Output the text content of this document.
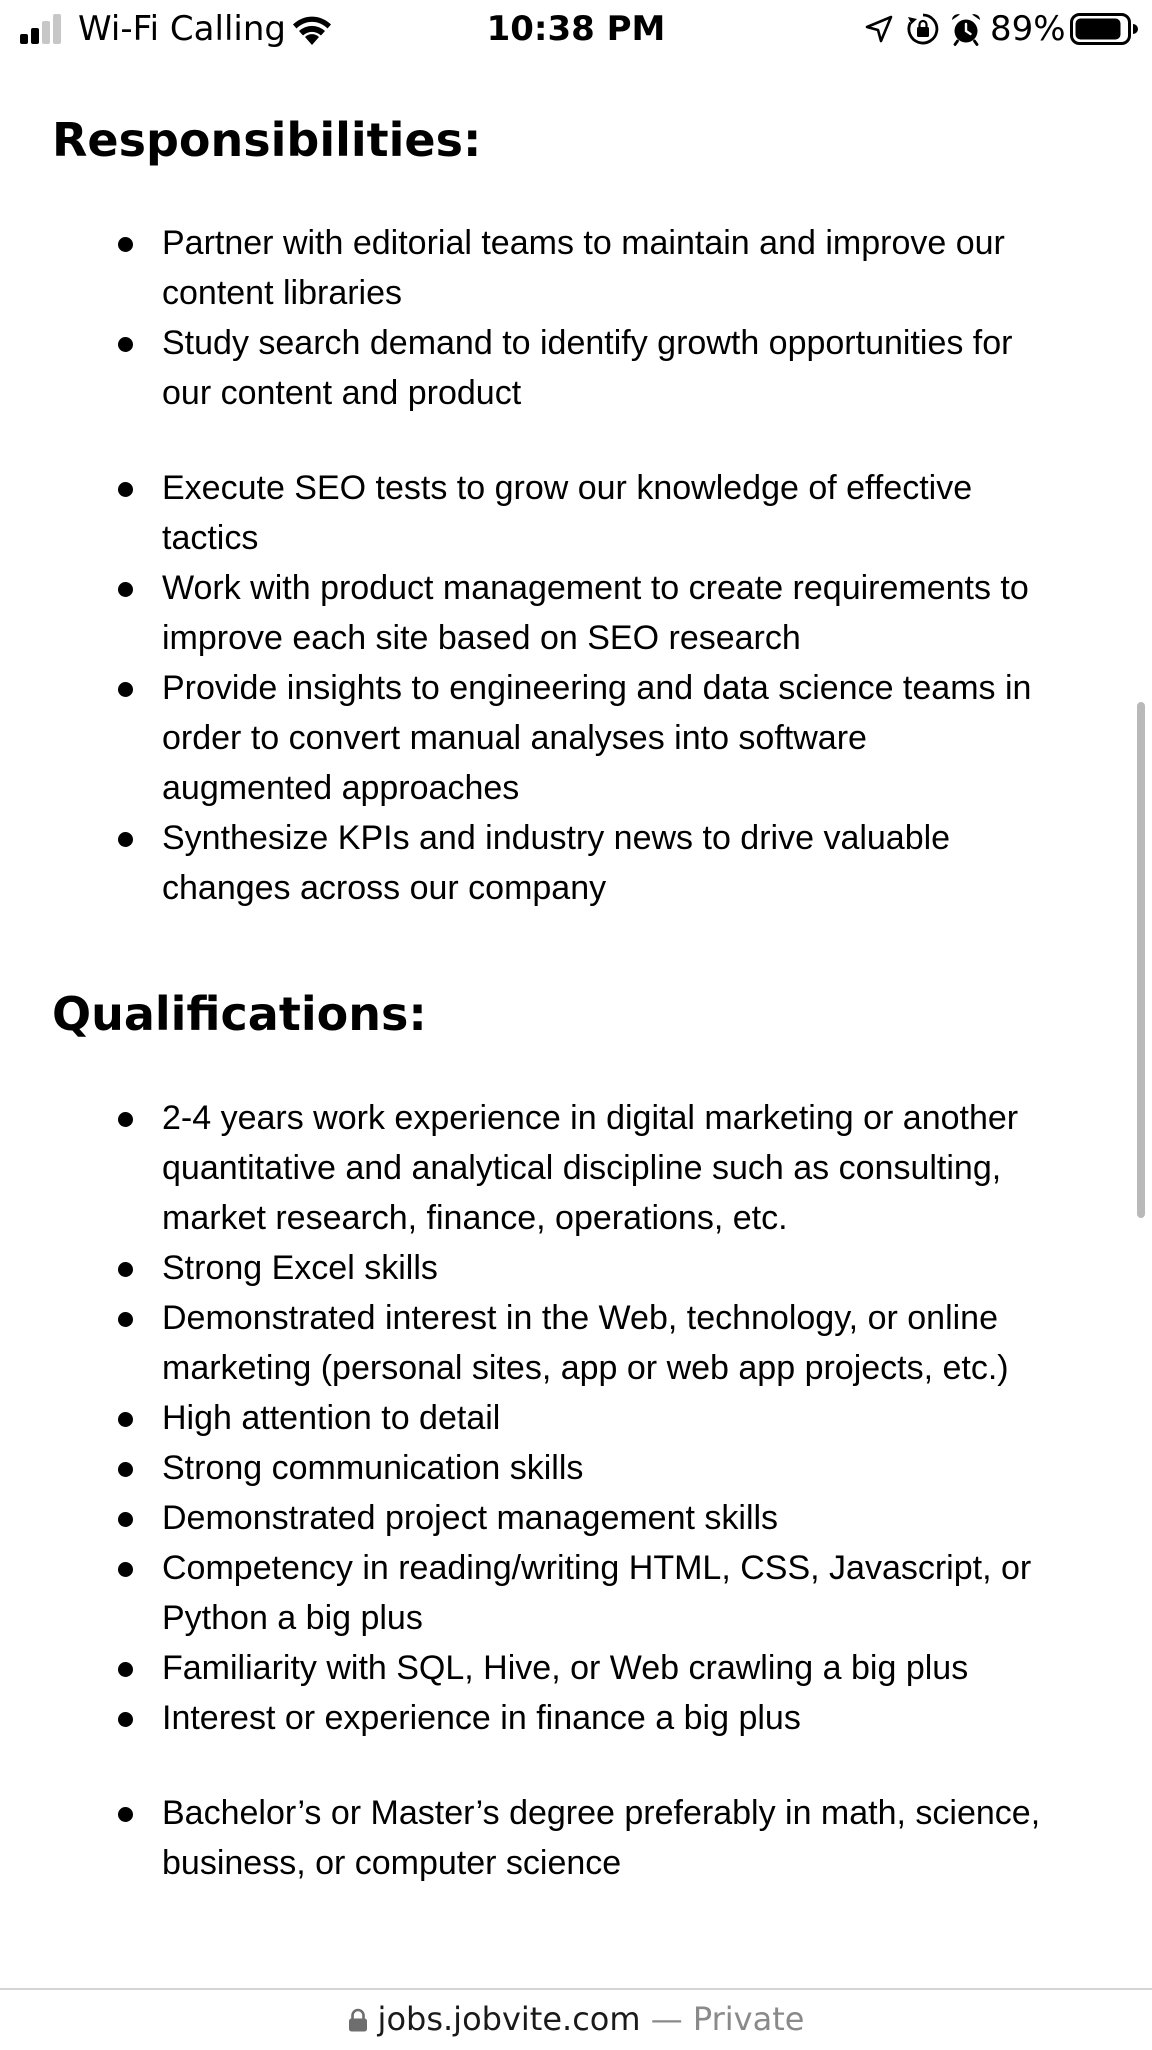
Wi-Fi Calling	10:38 PM	89%
Responsibilities:
Partner with editorial teams to maintain and improve our
content libraries
Study search demand to identify growth opportunities for
our content and product
Execute SEO tests to grow our knowledge of effective
tactics
Work with product management to create requirements to
improve each site based on SEO research
Provide insights to engineering and data science teams in
order to convert manual analyses into software
augmented approaches
Synthesize KPIs and industry news to drive valuable
changes across our company
Qualifications:
2-4 years work experience in digital marketing or another
quantitative and analytical discipline such as consulting,
market research, finance, operations, etc.
Strong Excel skills
Demonstrated interest in the Web, technology, or online
marketing (personal sites, app or web app projects, etc.)
High attention to detail
Strong communication skills
Demonstrated project management skills
Competency in reading/writing HTML, CSS, Javascript, or
Python a big plus
Familiarity with SQL, Hive, or Web crawling a big plus
Interest or experience in finance a big plus
Bachelor’s or Master’s degree preferably in math, science,
business, or computer science
jobs.jobvite.com — Private
